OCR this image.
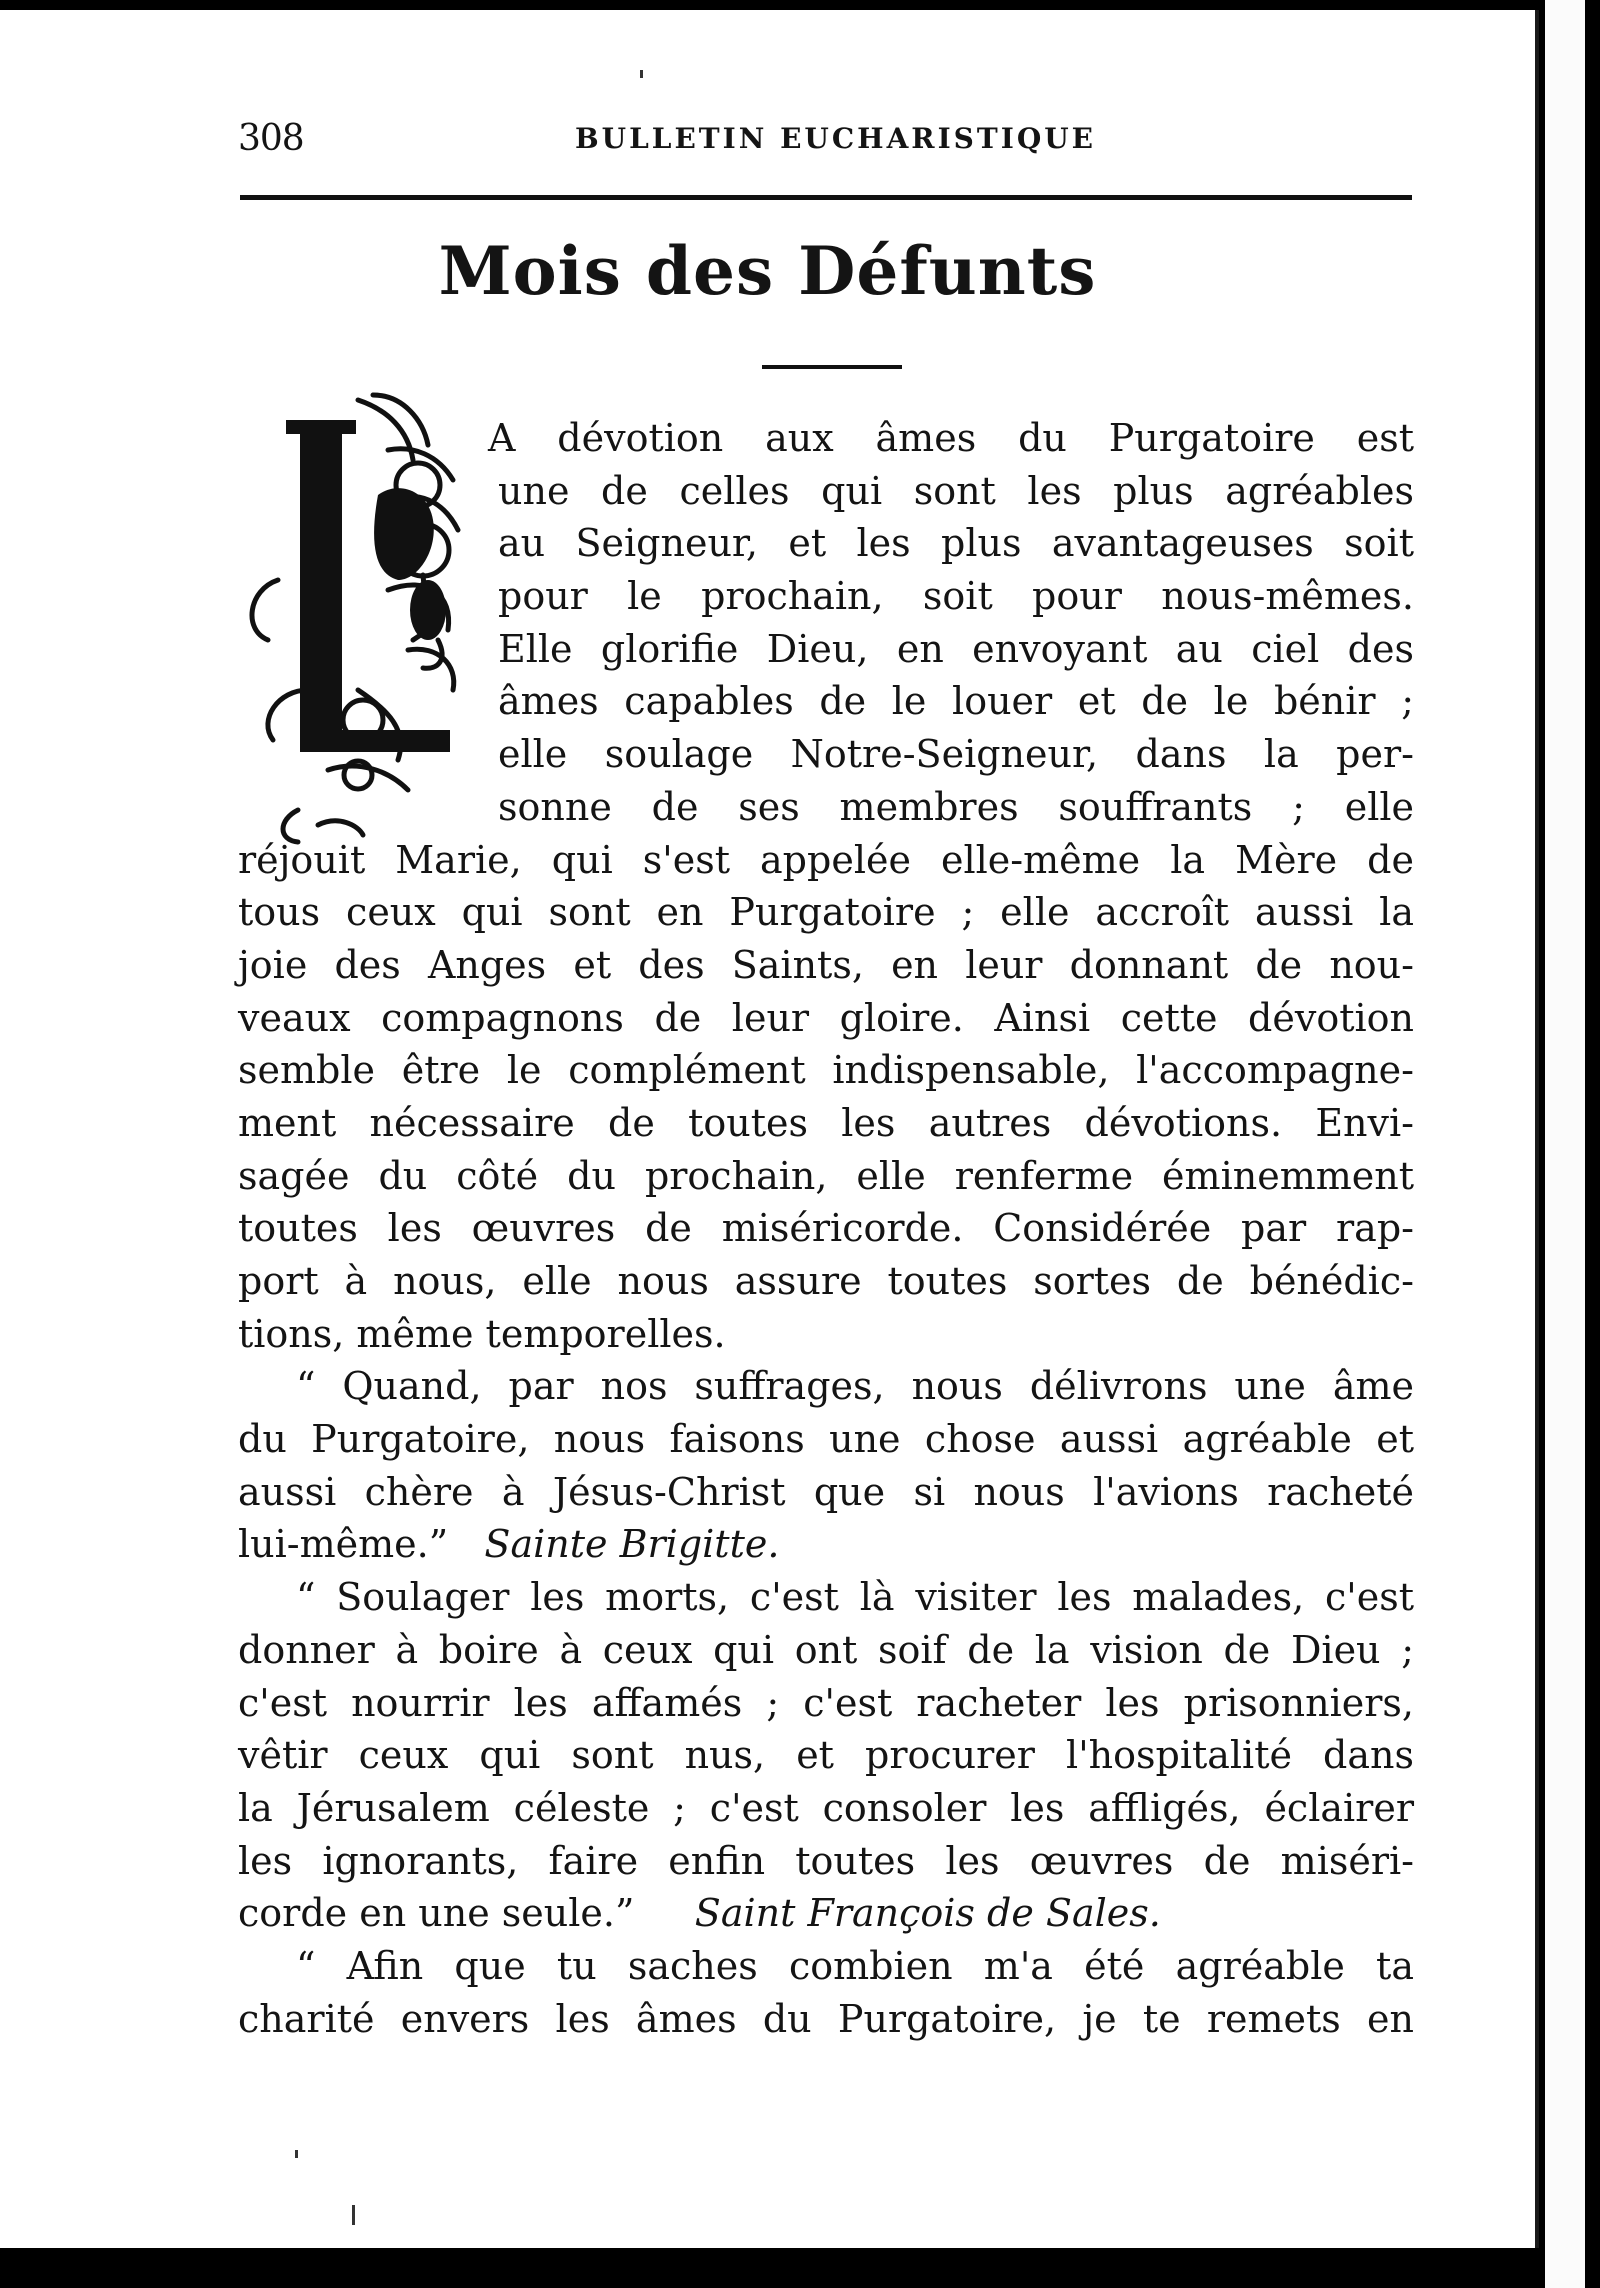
308	BULLETIN EUCHARISTIQUE
Mois des Défunts
A dévotion aux âmes du Purgatoire est
une de celles qui sont les plus agréables
au Seigneur, et les plus avantageuses soit
pour le prochain, soit pour nous-mêmes.
Elle glorifie Dieu, en envoyant au ciel des
âmes capables de le louer et de le bénir ;
elle soulage Notre-Seigneur, dans la per-
sonne de ses membres souffrants ; elle
réjouit Marie, qui s'est appelée elle-même la Mère de
tous ceux qui sont en Purgatoire ; elle accroît aussi la
joie des Anges et des Saints, en leur donnant de nou-
veaux compagnons de leur gloire. Ainsi cette dévotion
semble être le complément indispensable, l'accompagne-
ment nécessaire de toutes les autres dévotions. Envi-
sagée du côté du prochain, elle renferme éminemment
toutes les œuvres de miséricorde. Considérée par rap-
port à nous, elle nous assure toutes sortes de bénédic-
tions, même temporelles.
“ Quand, par nos suffrages, nous délivrons une âme
du Purgatoire, nous faisons une chose aussi agréable et
aussi chère à Jésus-Christ que si nous l'avions racheté
lui-même.” Sainte Brigitte.
“ Soulager les morts, c'est là visiter les malades, c'est
donner à boire à ceux qui ont soif de la vision de Dieu ;
c'est nourrir les affamés ; c'est racheter les prisonniers,
vêtir ceux qui sont nus, et procurer l'hospitalité dans
la Jérusalem céleste ; c'est consoler les affligés, éclairer
les ignorants, faire enfin toutes les œuvres de miséri-
corde en une seule.” Saint François de Sales.
“ Afin que tu saches combien m'a été agréable ta
charité envers les âmes du Purgatoire, je te remets en
